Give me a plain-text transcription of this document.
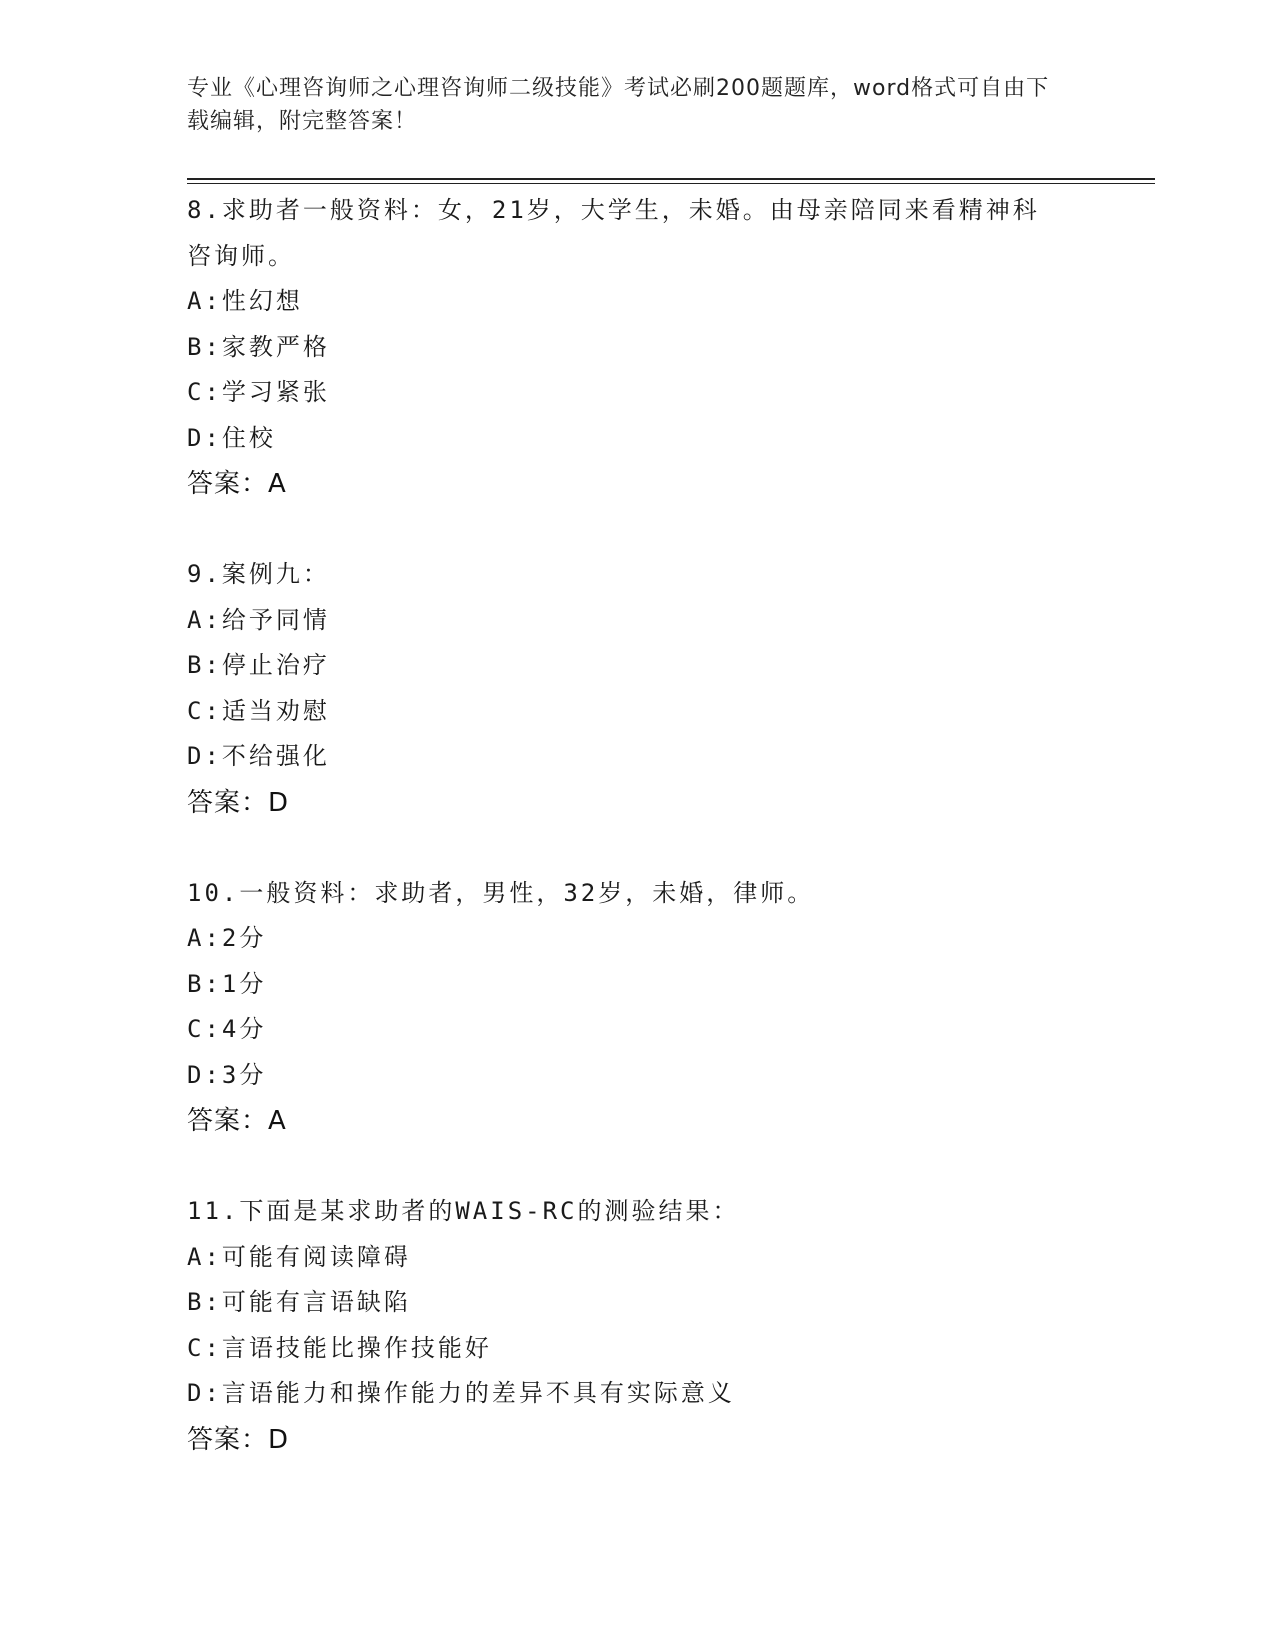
专业《心理咨询师之心理咨询师二级技能》考试必刷200题题库，word格式可自由下载编辑，附完整答案！
8.求助者一般资料：女，21岁，大学生，未婚。由母亲陪同来看精神科咨询师。
A:性幻想
B:家教严格
C:学习紧张
D:住校
答案：A
9.案例九：
A:给予同情
B:停止治疗
C:适当劝慰
D:不给强化
答案：D
10.一般资料：求助者，男性，32岁，未婚，律师。
A:2分
B:1分
C:4分
D:3分
答案：A
11.下面是某求助者的WAIS-RC的测验结果：
A:可能有阅读障碍
B:可能有言语缺陷
C:言语技能比操作技能好
D:言语能力和操作能力的差异不具有实际意义
答案：D
